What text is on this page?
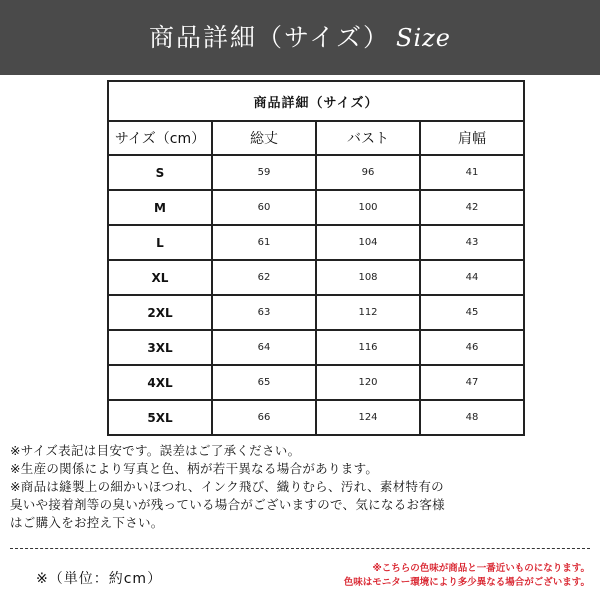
商品詳細（サイズ） Size
商品詳細（サイズ）			
サイズ（cm）	総丈	バスト	肩幅
S	59	96	41
M	60	100	42
L	61	104	43
XL	62	108	44
2XL	63	112	45
3XL	64	116	46
4XL	65	120	47
5XL	66	124	48

※サイズ表記は目安です。誤差はご了承ください。

※生産の関係により写真と色、柄が若干異なる場合があります。

※商品は縫製上の細かいほつれ、インク飛び、織りむら、汚れ、素材特有の

臭いや接着剤等の臭いが残っている場合がございますので、気になるお客様

はご購入をお控え下さい。

※（単位：約cm）

※こちらの色味が商品と一番近いものになります。

色味はモニター環境により多少異なる場合がございます。
